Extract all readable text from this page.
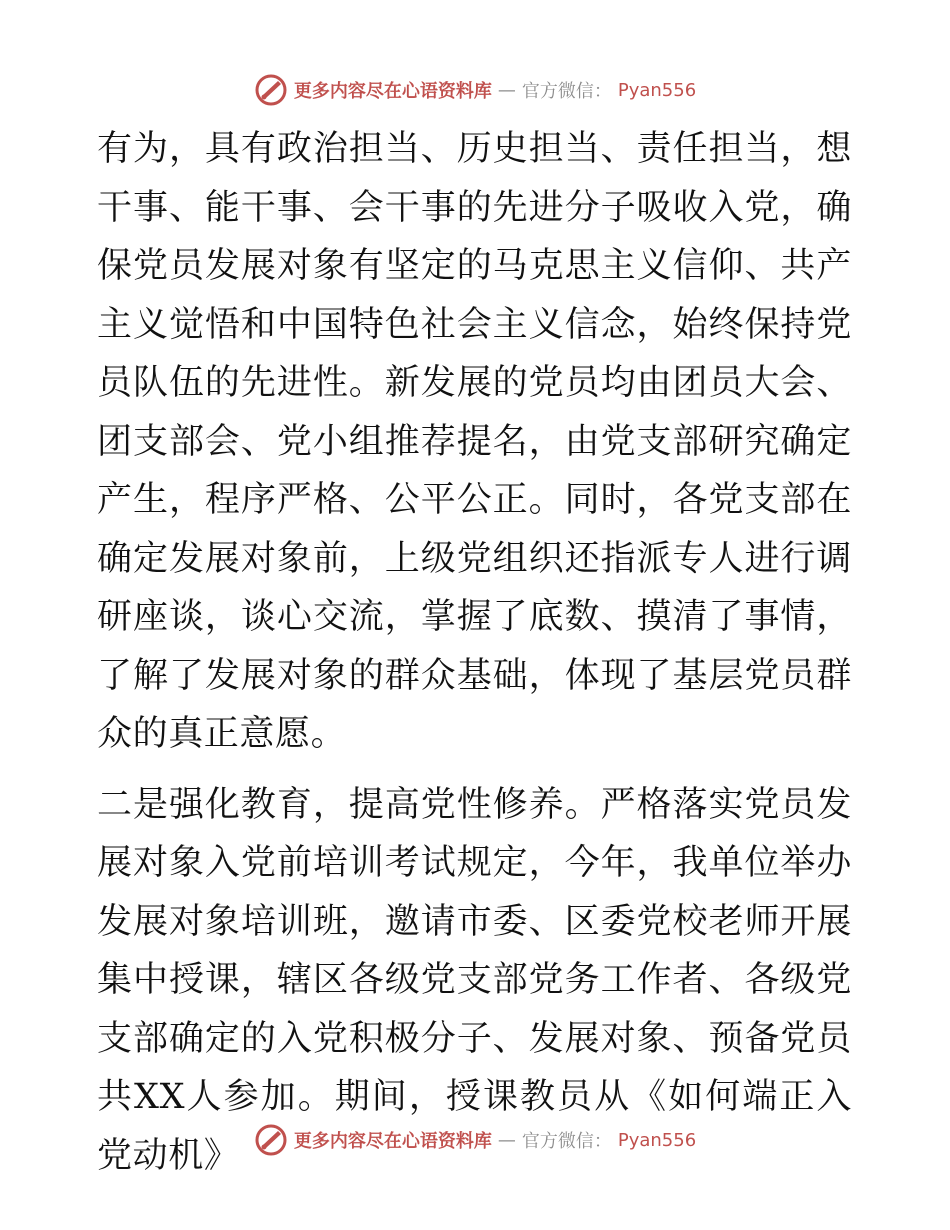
更多内容尽在心语资料库 — 官方微信： Pyan556

有为，具有政治担当、历史担当、责任担当，想干事、能干事、会干事的先进分子吸收入党，确保党员发展对象有坚定的马克思主义信仰、共产主义觉悟和中国特色社会主义信念，始终保持党员队伍的先进性。新发展的党员均由团员大会、团支部会、党小组推荐提名，由党支部研究确定产生，程序严格、公平公正。同时，各党支部在确定发展对象前，上级党组织还指派专人进行调研座谈，谈心交流，掌握了底数、摸清了事情，了解了发展对象的群众基础，体现了基层党员群众的真正意愿。

二是强化教育，提高党性修养。严格落实党员发展对象入党前培训考试规定，今年，我单位举办发展对象培训班，邀请市委、区委党校老师开展集中授课，辖区各级党支部党务工作者、各级党支部确定的入党积极分子、发展对象、预备党员共XX人参加。期间，授课教员从《如何端正入党动机》	更多内容尽在心语资料库 — 官方微信： Pyan556
